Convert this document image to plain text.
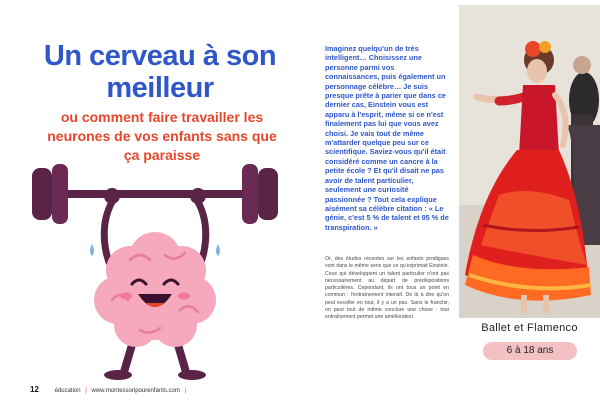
Un cerveau à son meilleur
ou comment faire travailler les neurones de vos enfants sans que ça paraisse
12	éducation | www.montessoripourenfants.com |

Imaginez quelqu'un de très intelligent… Choisissez une personne parmi vos connaissances, puis également un personnage célèbre… Je suis presque prête à parier que dans ce dernier cas, Einstein vous est apparu à l'esprit, même si ce n'est finalement pas lui que vous avez choisi. Je vais tout de même m'attarder quelque peu sur ce scientifique. Saviez-vous qu'il était considéré comme un cancre à la petite école ? Et qu'il disait ne pas avoir de talent particulier, seulement une curiosité passionnée ? Tout cela explique aisément sa célèbre citation : « Le génie, c'est 5 % de talent et 95 % de transpiration. »

Or, des études récentes sur les enfants prodigues vont dans le même sens que ce qu'exprimait Einstein. Ceux qui développent un talent particulier n'ont pas nécessairement au départ de prédispositions particulières. Cependant, ils ont tous un point en commun : l'entraînement intensif. De là à dire qu'on peut exceller en tout, il y a un pas. Sans le franchir, on peut tout de même conclure une chose : tout entraînement permet une amélioration.

Ballet et Flamenco
6 à 18 ans
